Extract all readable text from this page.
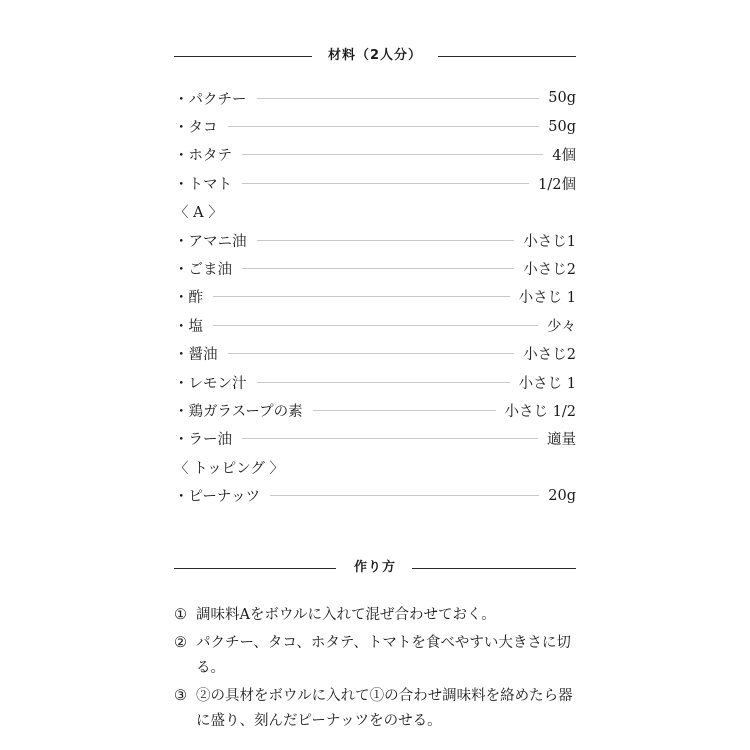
材料（2人分）
・パクチー	50g
・タコ	50g
・ホタテ	4個
・トマト	1/2個
〈 A 〉
・アマニ油	小さじ1
・ごま油	小さじ2
・酢	小さじ 1
・塩	少々
・醤油	小さじ2
・レモン汁	小さじ 1
・鶏ガラスープの素	小さじ 1/2
・ラー油	適量
〈 トッピング 〉
・ピーナッツ	20g
作り方
① 調味料Aをボウルに入れて混ぜ合わせておく。
② パクチー、タコ、ホタテ、トマトを食べやすい大きさに切る。
③ ②の具材をボウルに入れて①の合わせ調味料を絡めたら器に盛り、刻んだピーナッツをのせる。
